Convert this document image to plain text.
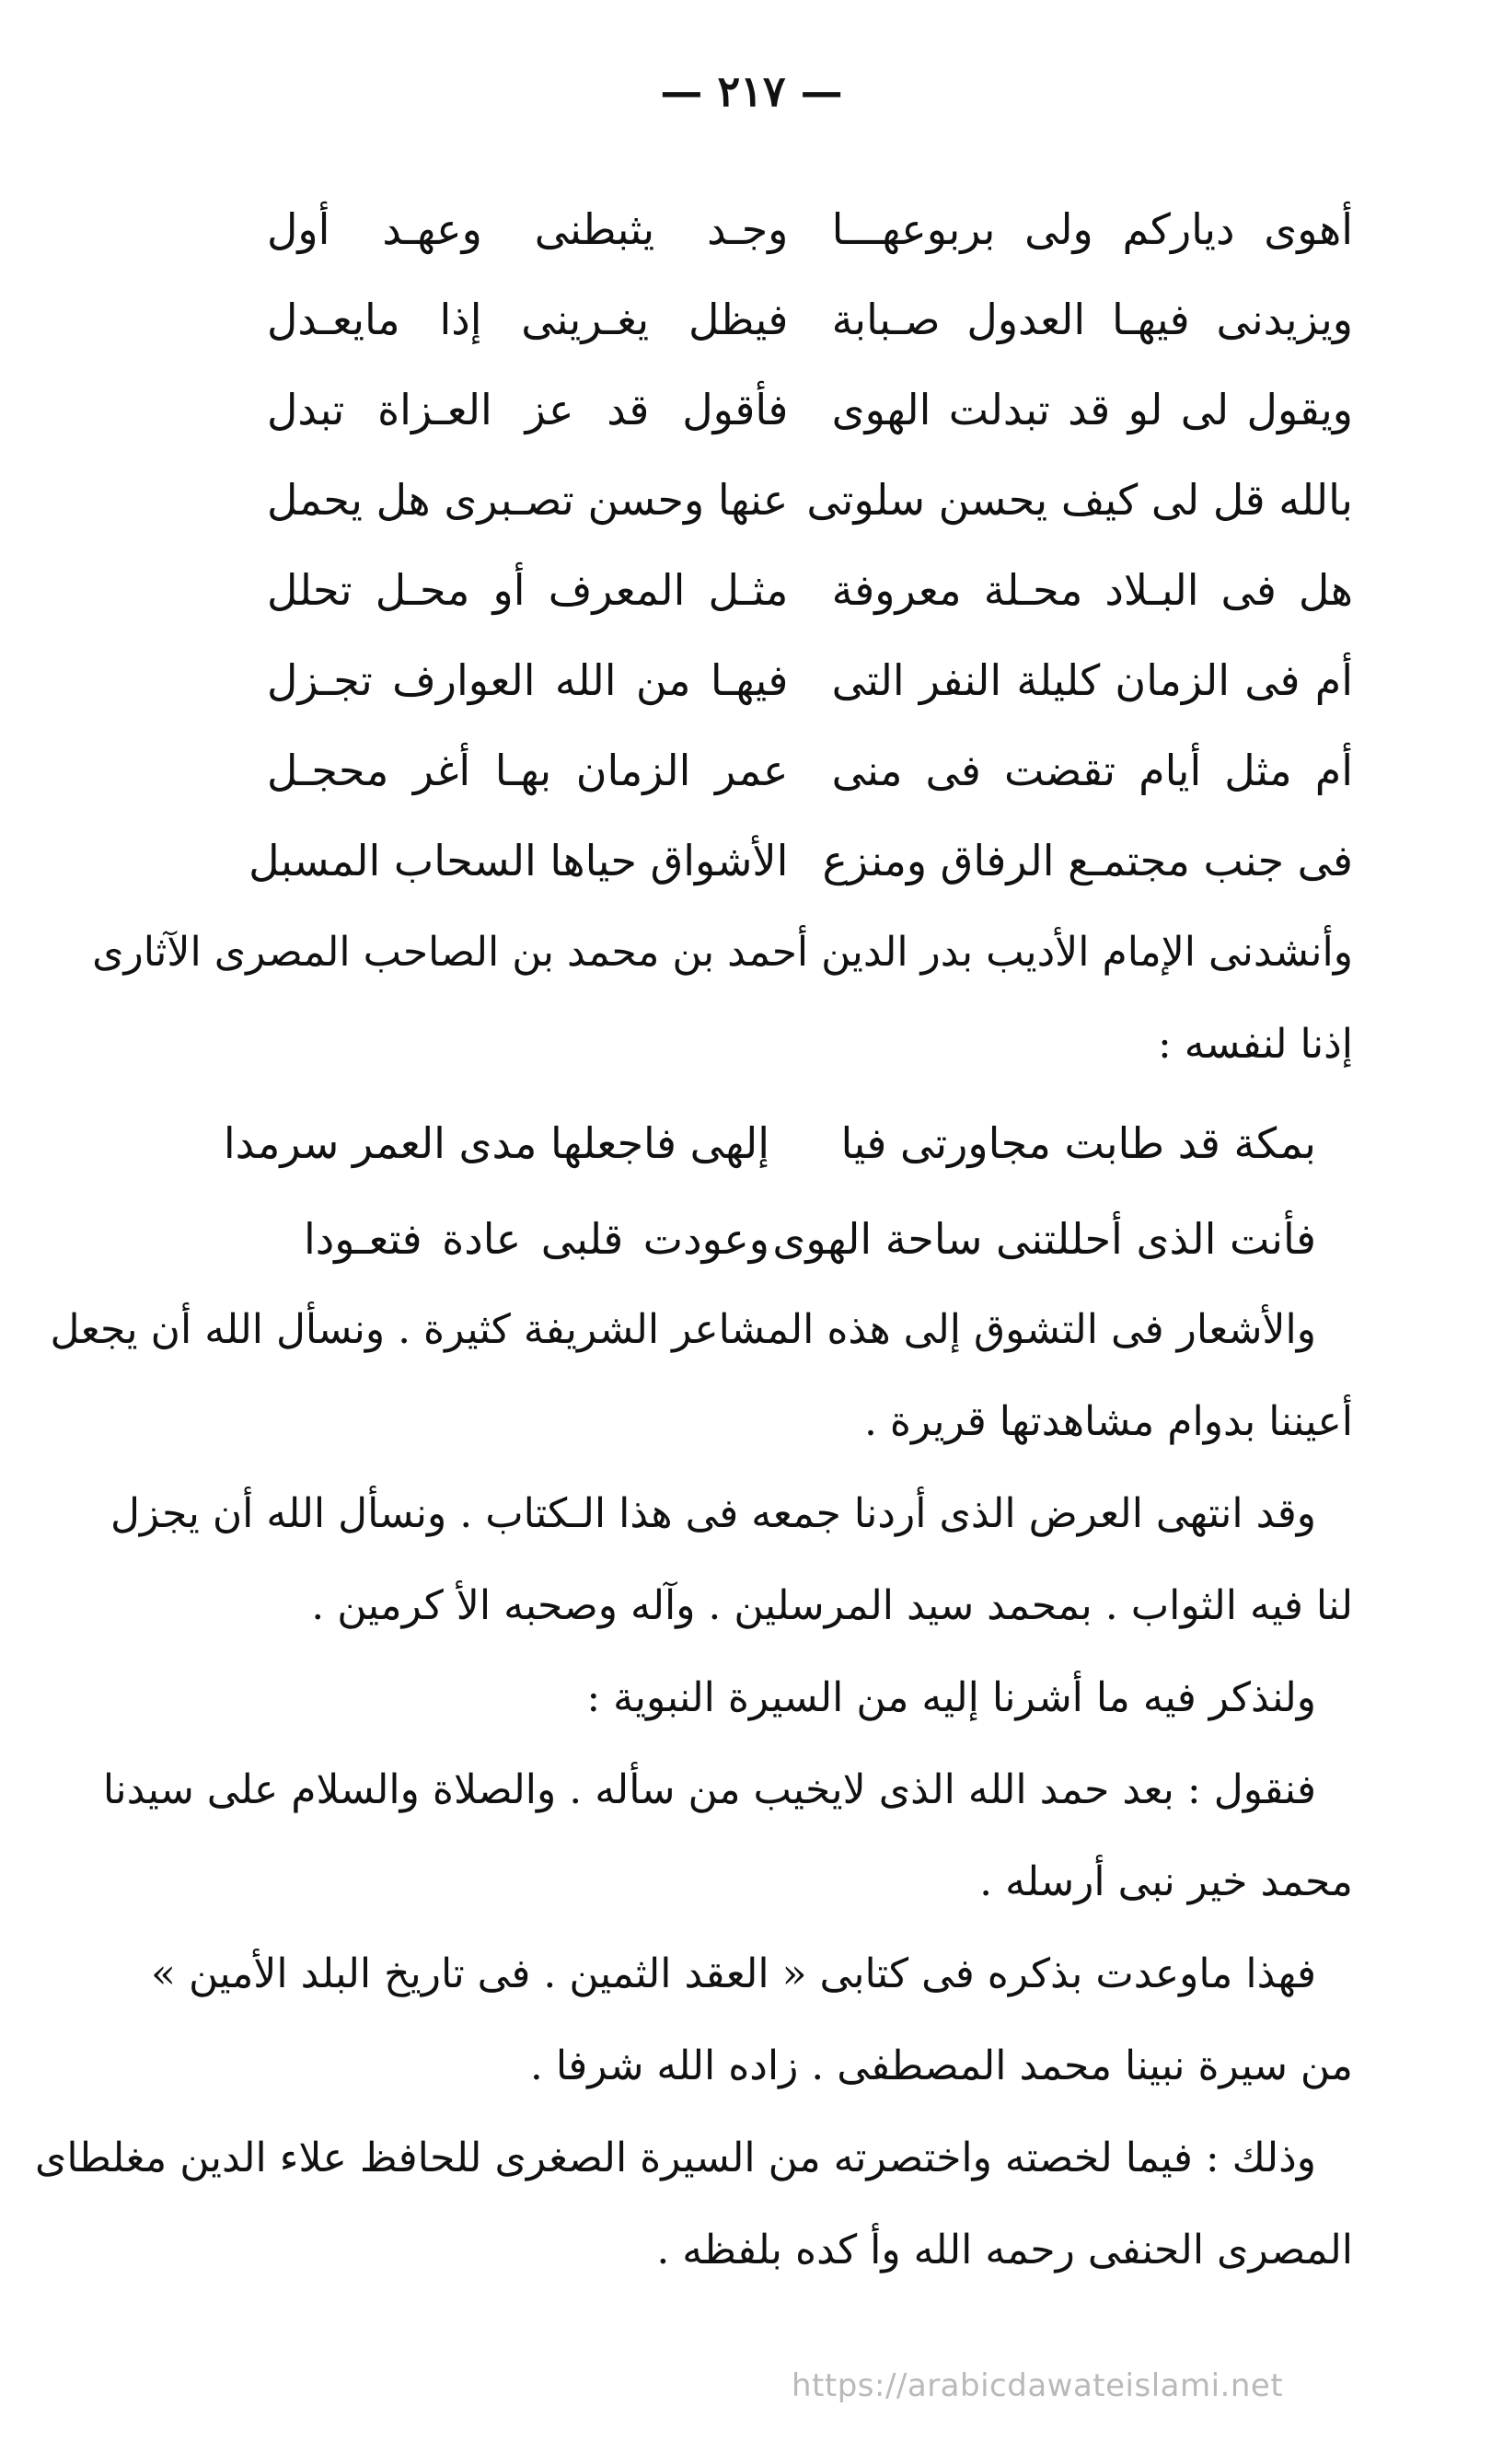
— ٢١٧ —
أهوى دياركم ولى بربوعهـــا
وجـد يثبطنى وعهـد أول
ويزيدنى فيهـا العدول صـبابة
فيظل يغـرينى إذا مايعـدل
ويقول لى لو قد تبدلت الهوى
فأقول قد عز العـزاة تبدل
بالله قل لى كيف يحسن سلوتى
عنها وحسن تصـبرى هل يحمل
هل فى البـلاد محـلة معروفة
مثـل المعرف أو محـل تحلل
أم فى الزمان كليلة النفر التى
فيهـا من الله العوارف تجـزل
أم مثل أيام تقضت فى منى
عمر الزمان بهـا أغر محجـل
فى جنب مجتمـع الرفاق ومنزع
الأشواق حياها السحاب المسبل
وأنشدنى الإمام الأديب بدر الدين أحمد بن محمد بن الصاحب المصرى الآثارى
إذنا لنفسه :
بمكة قد طابت مجاورتى فيا
إلهى فاجعلها مدى العمر سرمدا
فأنت الذى أحللتنى ساحة الهوى
وعودت قلبى عادة فتعـودا
والأشعار فى التشوق إلى هذه المشاعر الشريفة كثيرة . ونسأل الله أن يجعل
أعيننا بدوام مشاهدتها قريرة .
وقد انتهى العرض الذى أردنا جمعه فى هذا الـكتاب . ونسأل الله أن يجزل
لنا فيه الثواب . بمحمد سيد المرسلين . وآله وصحبه الأ كرمين .
ولنذكر فيه ما أشرنا إليه من السيرة النبوية :
فنقول : بعد حمد الله الذى لايخيب من سأله . والصلاة والسلام على سيدنا
محمد خير نبى أرسله .
فهذا ماوعدت بذكره فى كتابى « العقد الثمين . فى تاريخ البلد الأمين »
من سيرة نبينا محمد المصطفى . زاده الله شرفا .
وذلك : فيما لخصته واختصرته من السيرة الصغرى للحافظ علاء الدين مغلطاى
المصرى الحنفى رحمه الله وأ كده بلفظه .
https://arabicdawateislami.net
